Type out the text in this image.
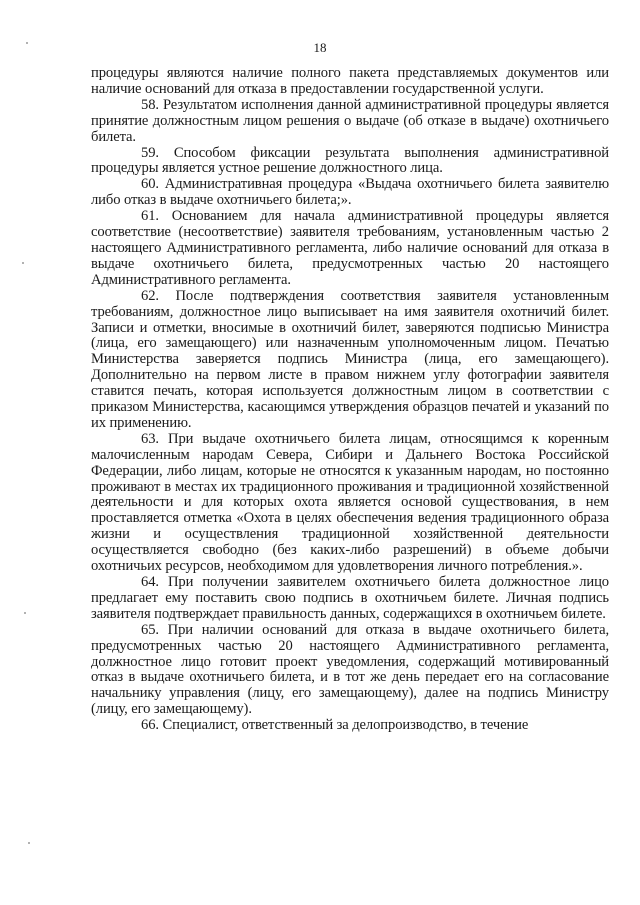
18

процедуры являются наличие полного пакета представляемых документов или наличие оснований для отказа в предоставлении государственной услуги.

58. Результатом исполнения данной административной процедуры является принятие должностным лицом решения о выдаче (об отказе в выдаче) охотничьего билета.

59. Способом фиксации результата выполнения административной процедуры является устное решение должностного лица.

60. Административная процедура «Выдача охотничьего билета заявителю либо отказ в выдаче охотничьего билета;».

61. Основанием для начала административной процедуры является соответствие (несоответствие) заявителя требованиям, установленным частью 2 настоящего Административного регламента, либо наличие оснований для отказа в выдаче охотничьего билета, предусмотренных частью 20 настоящего Административного регламента.

62. После подтверждения соответствия заявителя установленным требованиям, должностное лицо выписывает на имя заявителя охотничий билет. Записи и отметки, вносимые в охотничий билет, заверяются подписью Министра (лица, его замещающего) или назначенным уполномоченным лицом. Печатью Министерства заверяется подпись Министра (лица, его замещающего). Дополнительно на первом листе в правом нижнем углу фотографии заявителя ставится печать, которая используется должностным лицом в соответствии с приказом Министерства, касающимся утверждения образцов печатей и указаний по их применению.

63. При выдаче охотничьего билета лицам, относящимся к коренным малочисленным народам Севера, Сибири и Дальнего Востока Российской Федерации, либо лицам, которые не относятся к указанным народам, но постоянно проживают в местах их традиционного проживания и традиционной хозяйственной деятельности и для которых охота является основой существования, в нем проставляется отметка «Охота в целях обеспечения ведения традиционного образа жизни и осуществления традиционной хозяйственной деятельности осуществляется свободно (без каких-либо разрешений) в объеме добычи охотничьих ресурсов, необходимом для удовлетворения личного потребления.».

64. При получении заявителем охотничьего билета должностное лицо предлагает ему поставить свою подпись в охотничьем билете. Личная подпись заявителя подтверждает правильность данных, содержащихся в охотничьем билете.

65. При наличии оснований для отказа в выдаче охотничьего билета, предусмотренных частью 20 настоящего Административного регламента, должностное лицо готовит проект уведомления, содержащий мотивированный отказ в выдаче охотничьего билета, и в тот же день передает его на согласование начальнику управления (лицу, его замещающему), далее на подпись Министру (лицу, его замещающему).

66. Специалист, ответственный за делопроизводство, в течение
